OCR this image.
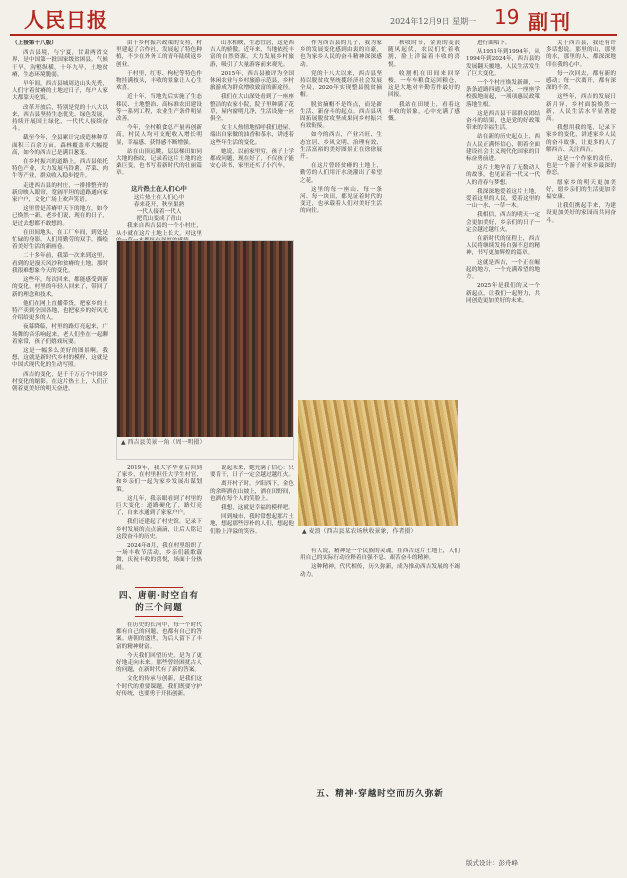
人民日报	2024年12月9日 星期一 19 副刊

（上接第十八版）

西吉县境，与宁夏，甘肃两省交界，是中国第一批国家级贫困县。气候干旱，沟壑纵横，十年九旱，土地贫瘠，生态环境脆弱。

早年间，西吉县城周边山头光秃，人们守着贫瘠的土地过日子，每户人家大都靠天吃饭。

改革开放后，特别是党的十八大以来，西吉县坚持生态优先、绿色发展，持续开展国土绿化，一代代人接续奋斗。

截至今年，全县累计完成造林种草面积三百余万亩，森林覆盖率大幅提高，如今的西吉已是满目葱茏。

在乡村振兴的道路上，西吉县依托特色产业，大力发展马铃薯、芹菜、肉牛等产业，群众收入稳步提升。

走进西吉县的村庄，一排排整齐的新房映入眼帘，宽阔平坦的道路通向家家户户，文化广场上欢声笑语。

这里曾是苦瘠甲天下的地方，如今已焕然一新。老乡们说，现在的日子，是过去想都不敢想的。

在田间地头，在工厂车间，到处是忙碌的身影。人们用勤劳的双手，描绘着美好生活的新画卷。

二十多年前，我第一次来到这里，看到的是漫天风沙和贫瘠的土地，那时我很难想象今天的变化。

这些年，每次回来，都能感受到新的变化。村里的年轻人回来了，带回了新的理念和技术。

他们在网上直播带货，把家乡的土特产卖到全国各地，也把家乡的好风光介绍给更多的人。

夜幕降临，村里的路灯亮起来，广场舞的音乐响起来，老人们坐在一起聊着家常，孩子们嬉戏玩耍。

这是一幅多么美好的图景啊。我想，这就是新时代乡村的模样，这就是中国式现代化的生动写照。

西吉的变化，是千千万万个中国乡村变化的缩影。在这片热土上，人们正朝着更美好的明天奋进。

由于乡村振兴政策的支持，村里建起了合作社，发展起了特色种植，不少在外务工的青年陆续返乡创业。

于村里，红枣、枸杞等特色作物挂满枝头，丰收的景象让人心生欢喜。

近十年，当地先后实施了生态移民、土地整治、高标准农田建设等一系列工程，农业生产条件明显改善。

今年，全村粮食总产量再创新高，村民人均可支配收入增长明显，幸福感、获得感不断增强。

站在山顶远眺，层层梯田如同大地的指纹，记录着这片土地的沧桑巨变，也书写着新时代的壮丽篇章。

这片热土在人们心中
这片热土在人们心中
春来花开，秋至果熟
一代人接着一代人
把荒山变成了青山

我来自西吉县的一个小村庄，从小就在这片土地上长大，对这里

2019年，我大学毕业后回到了家乡，在村里担任大学生村官，和乡亲们一起为家乡发展出谋划策。

这几年，我亲眼看到了村里的巨大变化：道路硬化了，路灯亮了，自来水通到了家家户户。

我们还建起了村史馆，记录下乡村发展的点点滴滴，让后人铭记这段奋斗的历史。

2024年8月，我在村里组织了一场丰收节活动，乡亲们载歌载舞，庆祝丰收的喜悦，场面十分热闹。

四、唐朝·时空自有的三个问题

在历史的长河中，每一个时代都有自己的问题，也都有自己的答案。唐朝的盛世，为后人留下了丰富的精神财富。

今天我们回望历史，是为了更好地走向未来。那些曾经困扰古人的问题，在新时代有了新的答案。

文化的传承与创新，是我们这个时代的重要课题。我们既要守护好传统，也要勇于开拓创新。

▲ 西吉县美景一角（周一明摄）

山水相映，生态宜居，这是西吉人的骄傲。近年来，当地依托丰富的自然资源，大力发展乡村旅游，吸引了大量游客前来观光。

2015年，西吉县被评为全国休闲农业与乡村旅游示范县，乡村旅游成为群众增收致富的新途径。

我们在大山深处看到了一座座整洁的农家小院，院子里种满了花草，屋内窗明几净，生活设施一应俱全。

女主人热情地招呼我们进屋，端出自家做的油香和茶水，讲述着这些年生活的变化。

她说，以前家里穷，孩子上学都成问题，现在好了，不仅孩子能安心读书，家里还买了小汽车。

说起未来，她充满了信心：只要肯干，日子一定会越过越红火。

离开村子时，夕阳西下，金色的余晖洒在山坡上，洒在田野间，也洒在每个人的笑脸上。

我想，这就是幸福的模样吧。

回到城市，我时常想起那片土地，想起那些淳朴的人们，想起他们脸上洋溢的笑容。

作为西吉县的儿子，我为家乡的发展变化感到由衷的自豪，也为家乡人民的奋斗精神深深感动。

党的十八大以来，西吉县坚持以脱贫攻坚统揽经济社会发展全局，2020年实现整县脱贫摘帽。

脱贫摘帽不是终点，而是新生活、新奋斗的起点。西吉县巩固拓展脱贫攻坚成果同乡村振兴有效衔接。

如今的西吉，产业兴旺、生态宜居、乡风文明、治理有效、生活富裕的美好图景正在徐徐展开。

在这片曾经贫瘠的土地上，勤劳的人们用汗水浇灌出了希望之花。

这里的每一座山、每一条河、每一块田，都见证着时代的变迁，也承载着人们对美好生活的向往。

秋收时节，金黄的麦浪随风起伏，农民们忙着收割，脸上洋溢着丰收的喜悦。

收割机在田间来回穿梭，一车车粮食运回粮仓，这是大地对辛勤劳作最好的回报。

我站在田埂上，看着这丰收的景象，心中充满了感慨。

▲ 麦浪（西吉县某农场秋收景象，作者摄）

有人说，精神是一个民族的灵魂。在西吉这片土地上，人们用自己的实际行动诠释着自强不息、艰苦奋斗的精神。

这种精神，代代相传，历久弥新，成为推动西吉发展的不竭动力。

五、精神·穿越时空而历久弥新

进行曲唱下。

从1951年到1994年，从1994年到2024年，西吉县的发展翻天覆地，人民生活发生了巨大变化。

一个个村庄焕发新颜，一条条道路四通八达，一座座学校拔地而起，一项项惠民政策落地生根。

这是西吉县干部群众团结奋斗的结果，也是党的好政策带来的幸福生活。

站在新的历史起点上，西吉人民正满怀信心，朝着全面建设社会主义现代化国家的目标奋勇前进。

这片土地孕育了无数动人的故事，也见证着一代又一代人的青春与梦想。

我深深地爱着这片土地，爱着这里的人民，爱着这里的一山一水、一草一木。

我相信，西吉的明天一定会更加美好，乡亲们的日子一定会越过越红火。

在新时代的征程上，西吉人民将继续发扬自强不息的精神，书写更加辉煌的篇章。

这就是西吉，一个正在崛起的地方，一个充满希望的地方。

2025年是我们的又一个新起点，让我们一起努力，共同创造更加美好的未来。

关于西吉县，我还有许多话想说。那里的山，那里的水，那里的人，都深深地印在我的心中。

每一次回去，都有新的感动；每一次离开，都有深深的不舍。

这些年，西吉的发展日新月异，乡村面貌焕然一新，人民生活水平显著提高。

我想用我的笔，记录下家乡的变化，讲述家乡人民的奋斗故事，让更多的人了解西吉、关注西吉。

这是一个作家的责任，也是一个游子对家乡最深的眷恋。

愿家乡的明天更加美好，愿乡亲们的生活更加幸福安康。

让我们携起手来，为建设更加美好的家园而共同奋斗。

版式设计：彭舟峰
